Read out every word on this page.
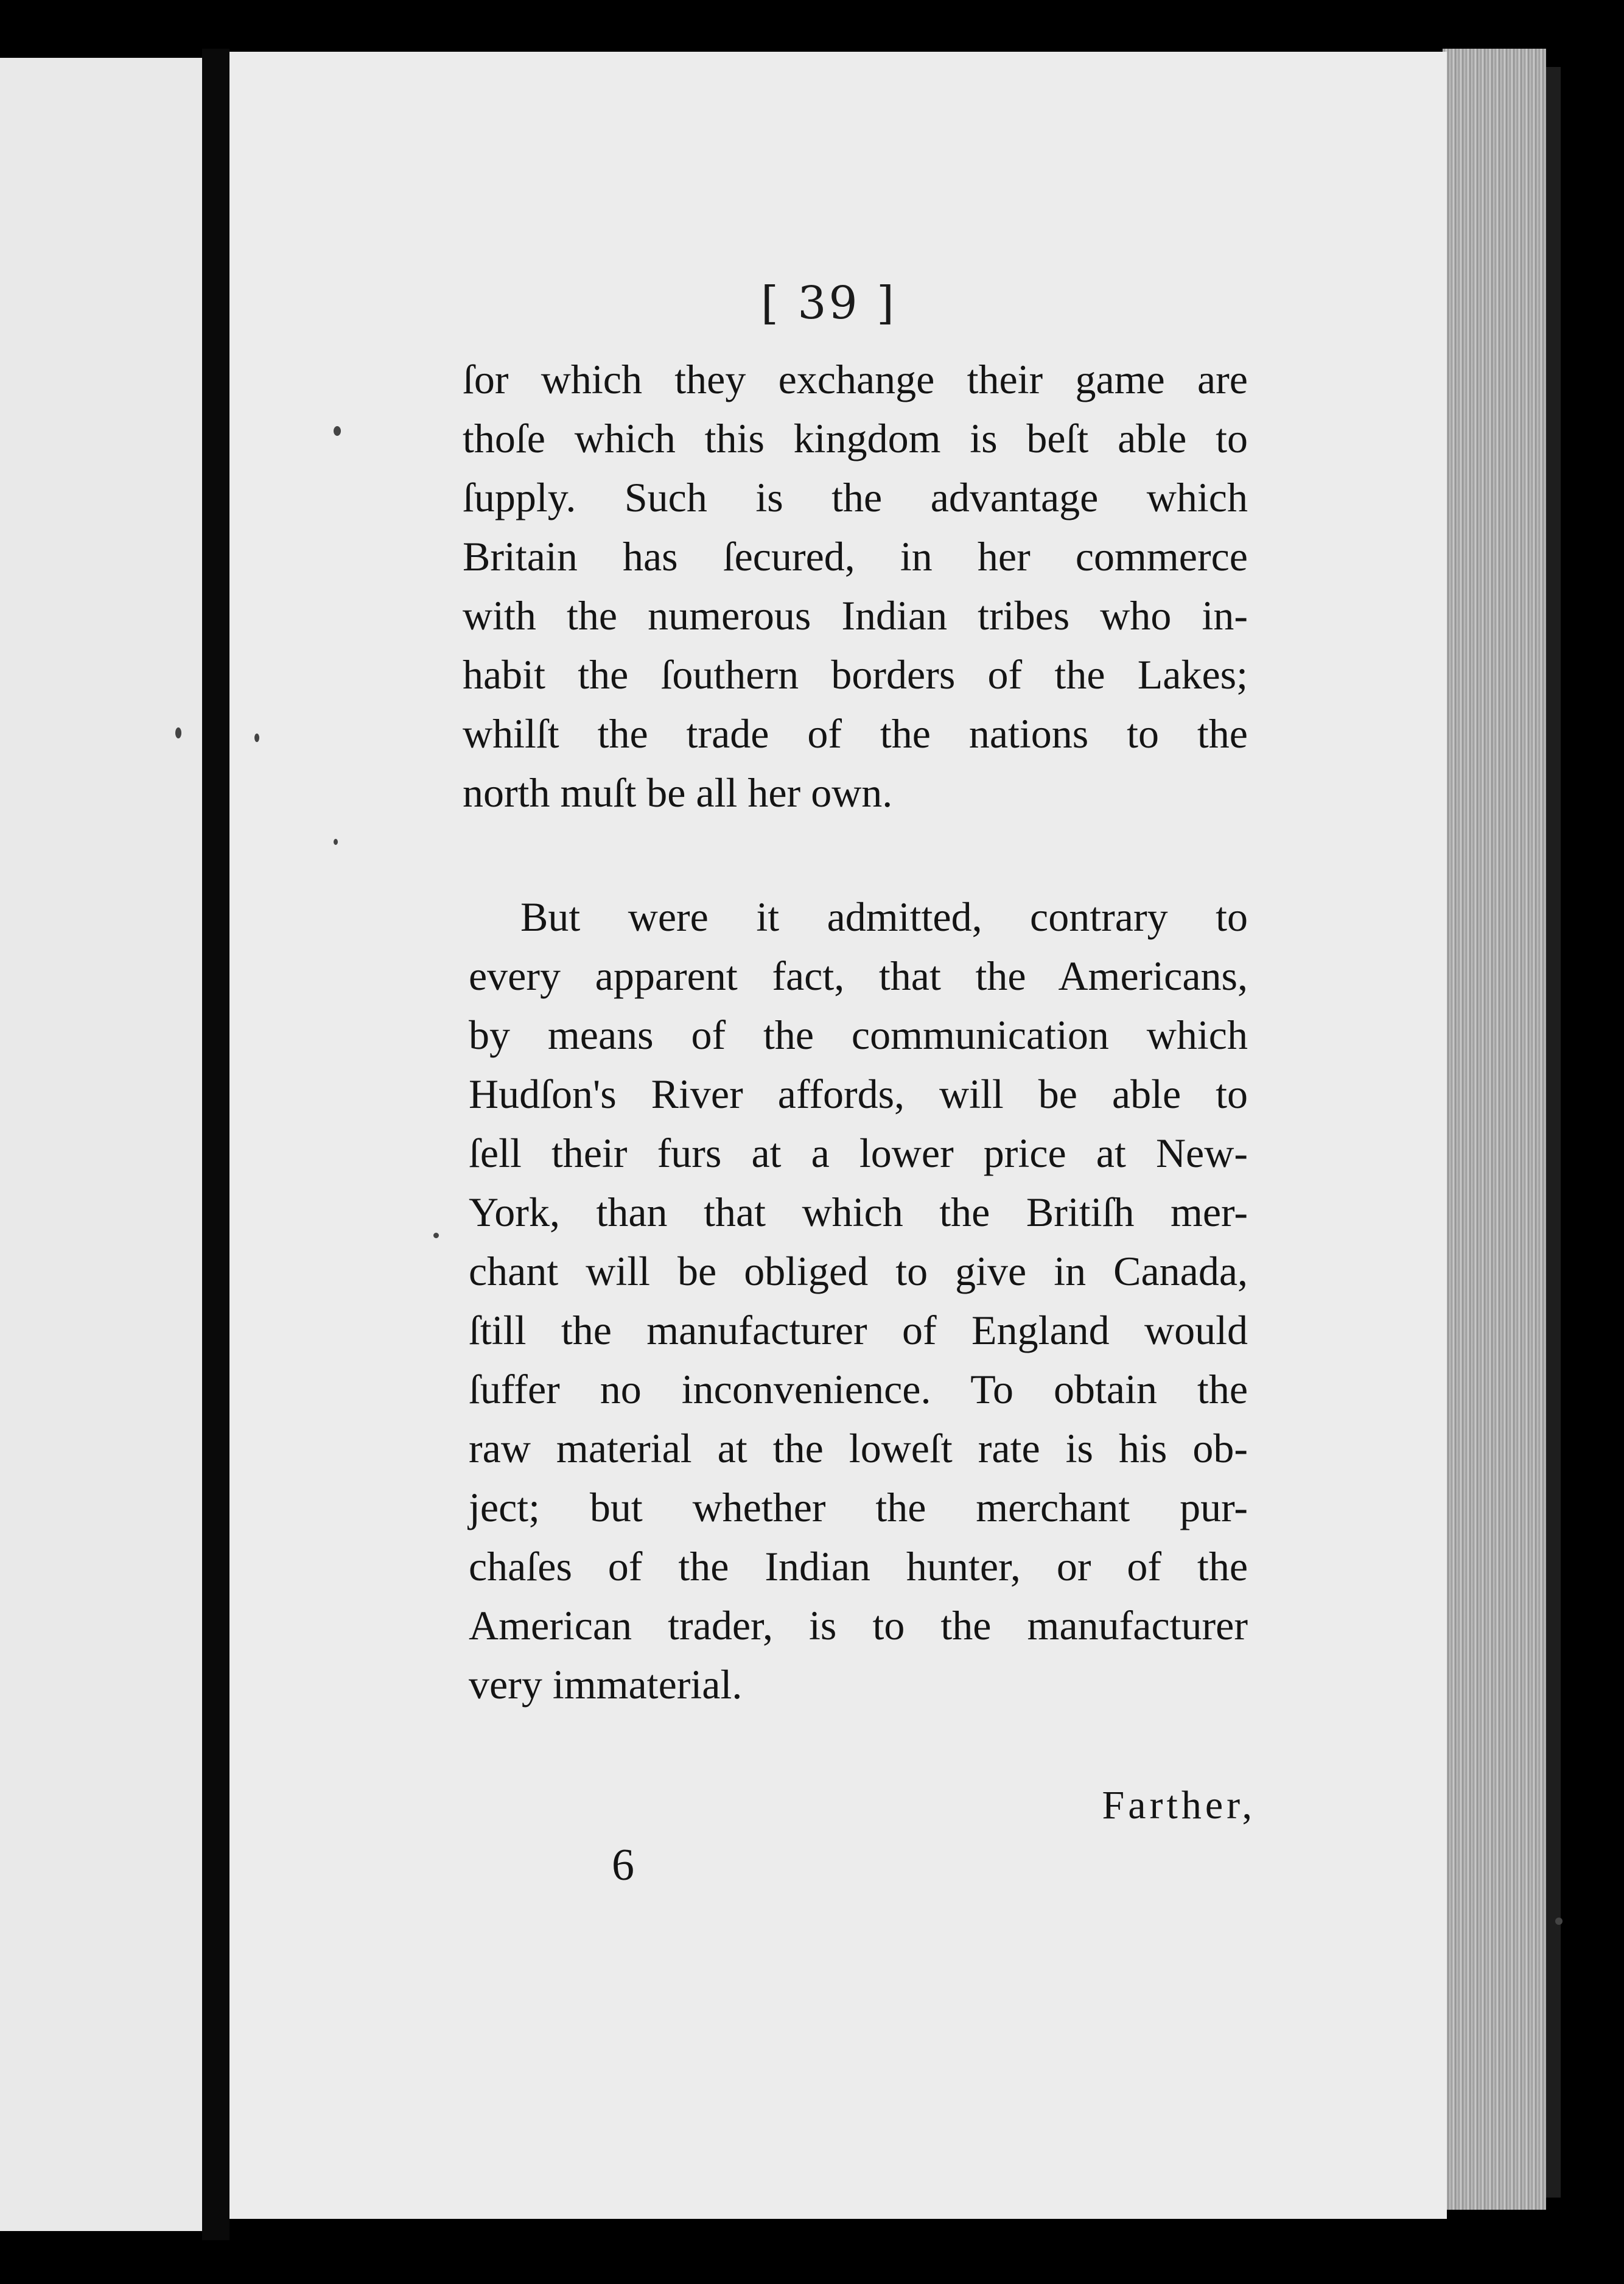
[ 39 ]
ſor which they exchange their game are
thoſe which this kingdom is beſt able to
ſupply. Such is the advantage which
Britain has ſecured, in her commerce
with the numerous Indian tribes who in-
habit the ſouthern borders of the Lakes;
whilſt the trade of the nations to the
north muſt be all her own.
But were it admitted, contrary to
every apparent fact, that the Americans,
by means of the communication which
Hudſon's River affords, will be able to
ſell their furs at a lower price at New-
York, than that which the Britiſh mer-
chant will be obliged to give in Canada,
ſtill the manufacturer of England would
ſuffer no inconvenience. To obtain the
raw material at the loweſt rate is his ob-
ject; but whether the merchant pur-
chaſes of the Indian hunter, or of the
American trader, is to the manufacturer
very immaterial.
Farther,
6
